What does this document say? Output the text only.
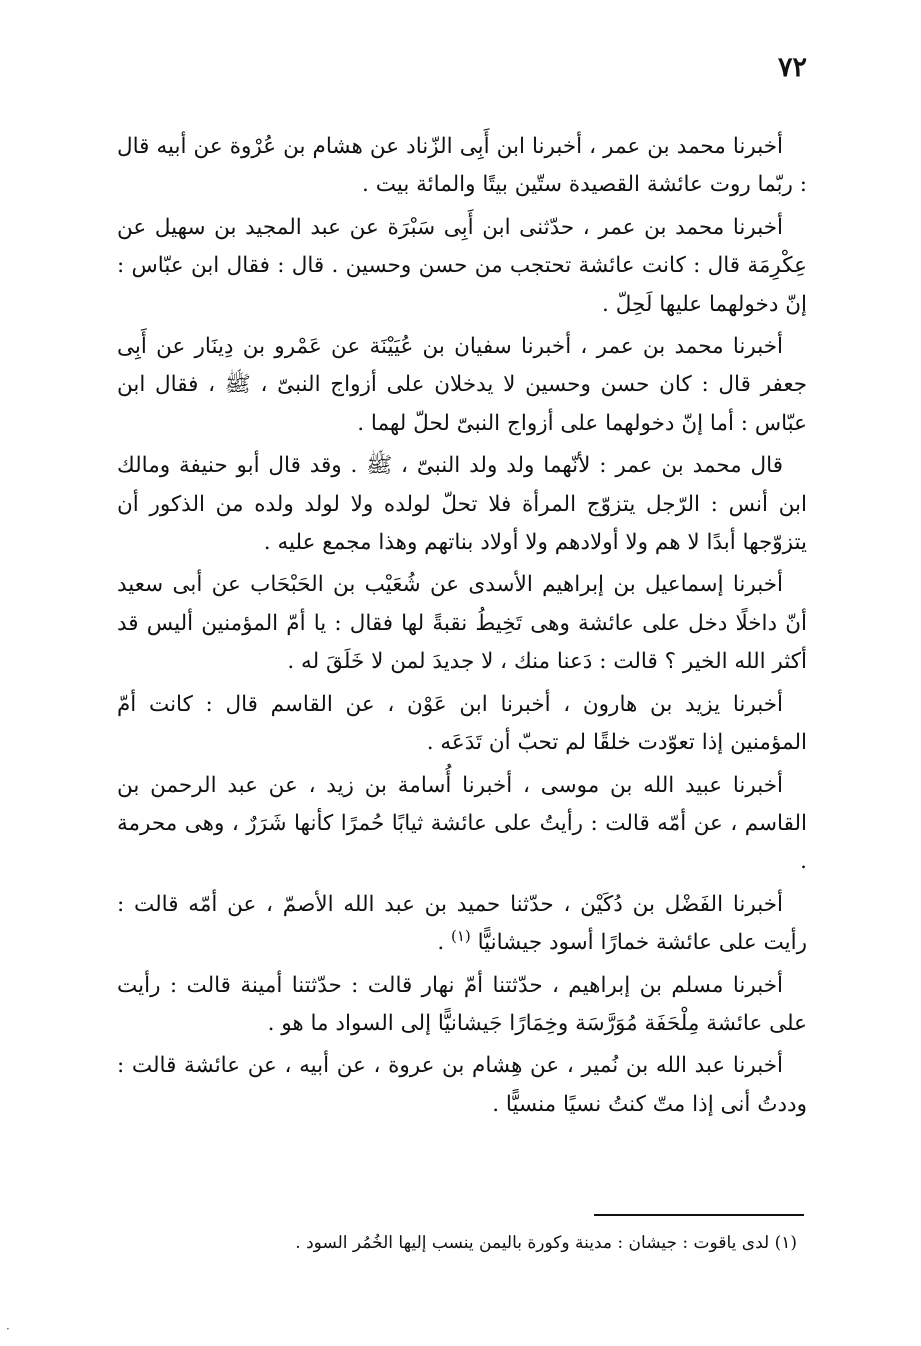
٧٢

أخبرنا محمد بن عمر ، أخبرنا ابن أَبِى الزّناد عن هشام بن عُرْوة عن أبيه قال : ربّما روت عائشة القصيدة ستّين بيتًا والمائة بيت .

أخبرنا محمد بن عمر ، حدّثنى ابن أَبِى سَبْرَة عن عبد المجيد بن سهيل عن عِكْرِمَة قال : كانت عائشة تحتجب من حسن وحسين . قال : فقال ابن عبّاس : إنّ دخولهما عليها لَحِلّ .

أخبرنا محمد بن عمر ، أخبرنا سفيان بن عُيَيْنَة عن عَمْرو بن دِينَار عن أَبِى جعفر قال : كان حسن وحسين لا يدخلان على أزواج النبىّ ، ﷺ ، فقال ابن عبّاس : أما إنّ دخولهما على أزواج النبىّ لحلّ لهما .

قال محمد بن عمر : لأنّهما ولد ولد النبىّ ، ﷺ . وقد قال أبو حنيفة ومالك ابن أنس : الرّجل يتزوّج المرأة فلا تحلّ لولده ولا لولد ولده من الذكور أن يتزوّجها أبدًا لا هم ولا أولادهم ولا أولاد بناتهم وهذا مجمع عليه .

أخبرنا إسماعيل بن إبراهيم الأسدى عن شُعَيْب بن الحَبْحَاب عن أبى سعيد أنّ داخلًا دخل على عائشة وهى تَخِيطُ نقبةً لها فقال : يا أمّ المؤمنين أليس قد أكثر الله الخير ؟ قالت : دَعنا منك ، لا جديدَ لمن لا خَلَقَ له .

أخبرنا يزيد بن هارون ، أخبرنا ابن عَوْن ، عن القاسم قال : كانت أمّ المؤمنين إذا تعوّدت خلقًا لم تحبّ أن تَدَعَه .

أخبرنا عبيد الله بن موسى ، أخبرنا أُسامة بن زيد ، عن عبد الرحمن بن القاسم ، عن أمّه قالت : رأيتُ على عائشة ثيابًا حُمرًا كأنها شَرَرٌ ، وهى محرمة .

أخبرنا الفَضْل بن دُكَيْن ، حدّثنا حميد بن عبد الله الأصمّ ، عن أمّه قالت : رأيت على عائشة خمارًا أسود جيشانيًّا $^{(١)}$ .

أخبرنا مسلم بن إبراهيم ، حدّثتنا أمّ نهار قالت : حدّثتنا أمينة قالت : رأيت على عائشة مِلْحَفَة مُوَرَّسَة وخِمَارًا جَيشانيًّا إلى السواد ما هو .

أخبرنا عبد الله بن نُمير ، عن هِشام بن عروة ، عن أبيه ، عن عائشة قالت : وددتُ أنى إذا متّ كنتُ نسيًا منسيًّا .

(١) لدى ياقوت : جيشان : مدينة وكورة باليمن ينسب إليها الخُمُر السود .
·
